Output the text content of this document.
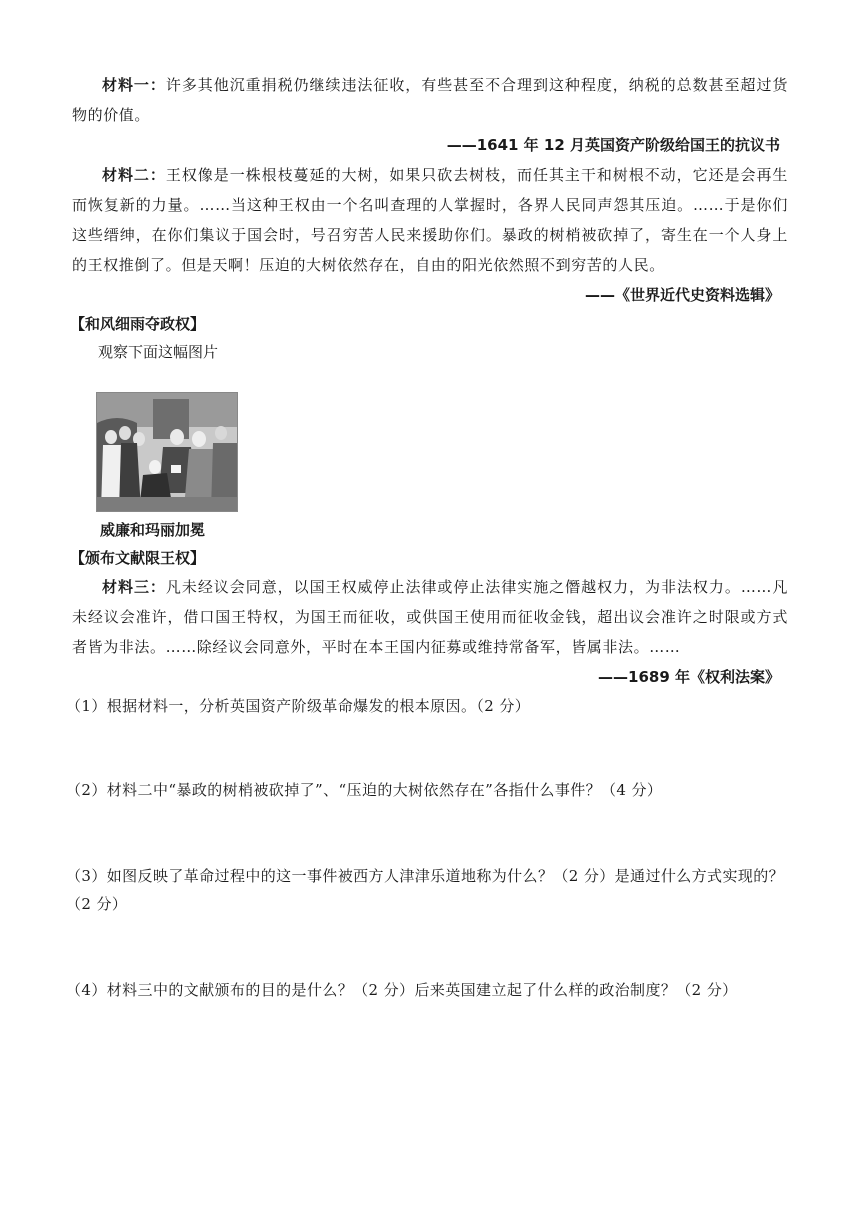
材料一：许多其他沉重捐税仍继续违法征收，有些甚至不合理到这种程度，纳税的总数甚至超过货物的价值。

——1641 年 12 月英国资产阶级给国王的抗议书

材料二：王权像是一株根枝蔓延的大树，如果只砍去树枝，而任其主干和树根不动，它还是会再生而恢复新的力量。……当这种王权由一个名叫查理的人掌握时，各界人民同声怨其压迫。……于是你们这些缙绅，在你们集议于国会时，号召穷苦人民来援助你们。暴政的树梢被砍掉了，寄生在一个人身上的王权推倒了。但是天啊！压迫的大树依然存在，自由的阳光依然照不到穷苦的人民。

——《世界近代史资料选辑》

【和风细雨夺政权】

观察下面这幅图片

威廉和玛丽加冕

【颁布文献限王权】

材料三：凡未经议会同意，以国王权威停止法律或停止法律实施之僭越权力，为非法权力。……凡未经议会准许，借口国王特权，为国王而征收，或供国王使用而征收金钱，超出议会准许之时限或方式者皆为非法。……除经议会同意外，平时在本王国内征募或维持常备军，皆属非法。……

——1689 年《权利法案》

（1）根据材料一，分析英国资产阶级革命爆发的根本原因。（2 分）

（2）材料二中“暴政的树梢被砍掉了”、“压迫的大树依然存在”各指什么事件？（4 分）

（3）如图反映了革命过程中的这一事件被西方人津津乐道地称为什么？（2 分）是通过什么方式实现的？（2 分）

（4）材料三中的文献颁布的目的是什么？（2 分）后来英国建立起了什么样的政治制度？（2 分）
